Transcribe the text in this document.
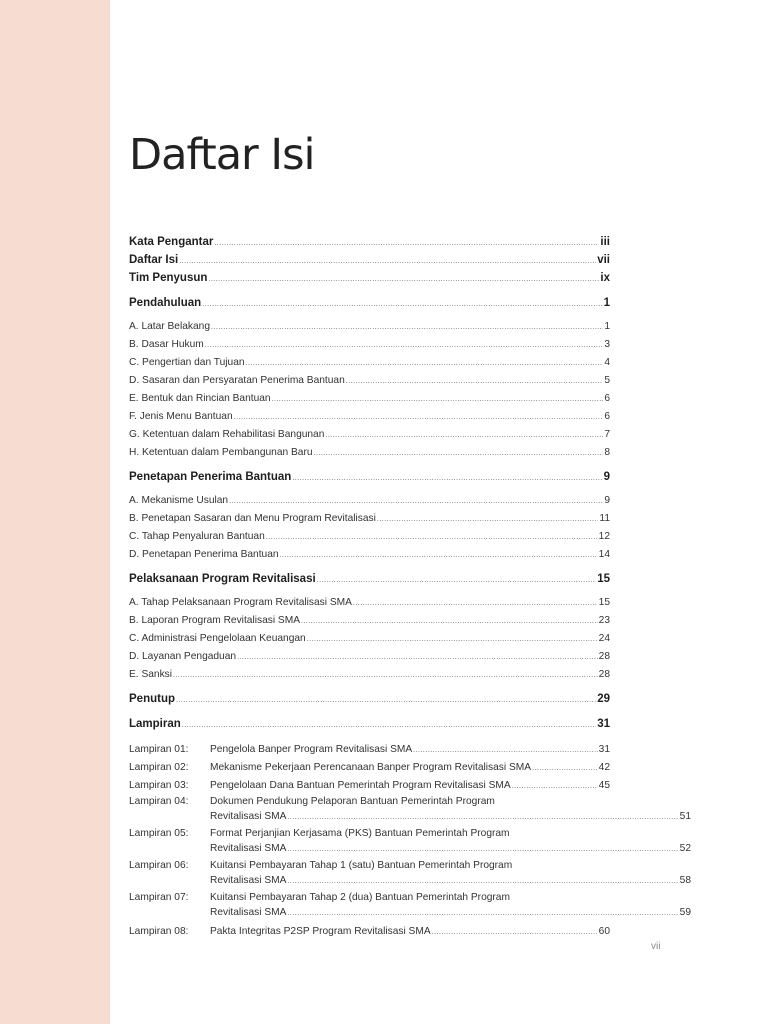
Daftar Isi
Kata Pengantar .....	iii
Daftar Isi .....	vii
Tim Penyusun .....	ix
Pendahuluan .....	1
A. Latar Belakang .....	1
B. Dasar Hukum .....	3
C. Pengertian dan Tujuan .....	4
D. Sasaran dan Persyaratan Penerima Bantuan .....	5
E. Bentuk dan Rincian Bantuan .....	6
F. Jenis Menu Bantuan .....	6
G. Ketentuan dalam Rehabilitasi Bangunan .....	7
H. Ketentuan dalam Pembangunan Baru .....	8
Penetapan Penerima Bantuan .....	9
A. Mekanisme Usulan .....	9
B. Penetapan Sasaran dan Menu Program Revitalisasi .....	11
C. Tahap Penyaluran Bantuan .....	12
D. Penetapan Penerima Bantuan .....	14
Pelaksanaan Program Revitalisasi .....	15
A. Tahap Pelaksanaan Program Revitalisasi SMA .....	15
B. Laporan Program Revitalisasi SMA .....	23
C. Administrasi Pengelolaan Keuangan .....	24
D. Layanan Pengaduan .....	28
E. Sanksi .....	28
Penutup .....	29
Lampiran .....	31
Lampiran 01:	Pengelola Banper Program Revitalisasi SMA .....	31
Lampiran 02:	Mekanisme Pekerjaan Perencanaan Banper Program Revitalisasi SMA .....	42
Lampiran 03:	Pengelolaan Dana Bantuan Pemerintah Program Revitalisasi SMA .....	45
Lampiran 04:	Dokumen Pendukung Pelaporan Bantuan Pemerintah Program
Revitalisasi SMA .....	51
Lampiran 05:	Format Perjanjian Kerjasama (PKS) Bantuan Pemerintah Program
Revitalisasi SMA .....	52
Lampiran 06:	Kuitansi Pembayaran Tahap 1 (satu) Bantuan Pemerintah Program
Revitalisasi SMA .....	58
Lampiran 07:	Kuitansi Pembayaran Tahap 2 (dua) Bantuan Pemerintah Program
Revitalisasi SMA .....	59
Lampiran 08:	Pakta Integritas P2SP Program Revitalisasi SMA .....	60
vii
